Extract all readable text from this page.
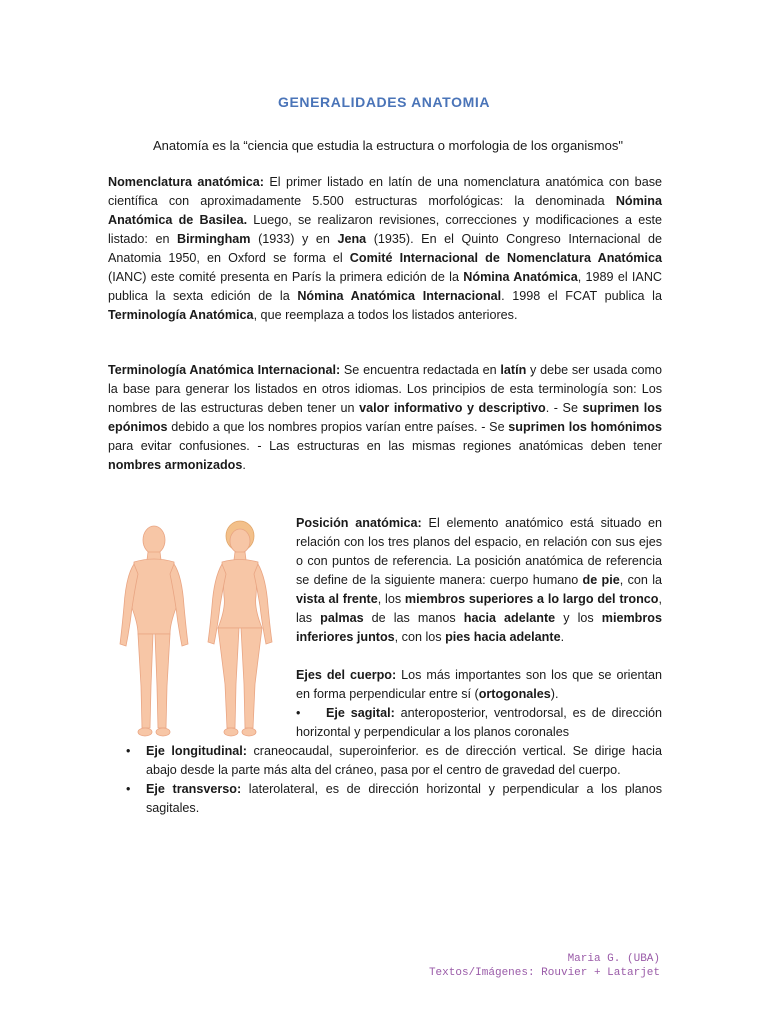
GENERALIDADES ANATOMIA
Anatomía es la “ciencia que estudia la estructura o morfologia de los organismos"
Nomenclatura anatómica: El primer listado en latín de una nomenclatura anatómica con base científica con aproximadamente 5.500 estructuras morfológicas: la denominada Nómina Anatómica de Basilea. Luego, se realizaron revisiones, correcciones y modificaciones a este listado: en Birmingham (1933) y en Jena (1935). En el Quinto Congreso Internacional de Anatomia 1950, en Oxford se forma el Comité Internacional de Nomenclatura Anatómica (IANC) este comité presenta en París la primera edición de la Nómina Anatómica, 1989 el IANC publica la sexta edición de la Nómina Anatómica Internacional. 1998 el FCAT publica la Terminología Anatómica, que reemplaza a todos los listados anteriores.
Terminología Anatómica Internacional: Se encuentra redactada en latín y debe ser usada como la base para generar los listados en otros idiomas. Los principios de esta terminología son: Los nombres de las estructuras deben tener un valor informativo y descriptivo. - Se suprimen los epónimos debido a que los nombres propios varían entre países. - Se suprimen los homónimos para evitar confusiones. - Las estructuras en las mismas regiones anatómicas deben tener nombres armonizados.

Posición anatómica: El elemento anatómico está situado en relación con los tres planos del espacio, en relación con sus ejes o con puntos de referencia. La posición anatómica de referencia se define de la siguiente manera: cuerpo humano de pie, con la vista al frente, los miembros superiores a lo largo del tronco, las palmas de las manos hacia adelante y los miembros inferiores juntos, con los pies hacia adelante.

Ejes del cuerpo: Los más importantes son los que se orientan en forma perpendicular entre sí (ortogonales).

• Eje sagital: anteroposterior, ventrodorsal, es de dirección horizontal y perpendicular a los planos coronales

• Eje longitudinal: craneocaudal, superoinferior. es de dirección vertical. Se dirige hacia abajo desde la parte más alta del cráneo, pasa por el centro de gravedad del cuerpo.
• Eje transverso: laterolateral, es de dirección horizontal y perpendicular a los planos sagitales.
Maria G. (UBA)
Textos/Imágenes: Rouvier + Latarjet
